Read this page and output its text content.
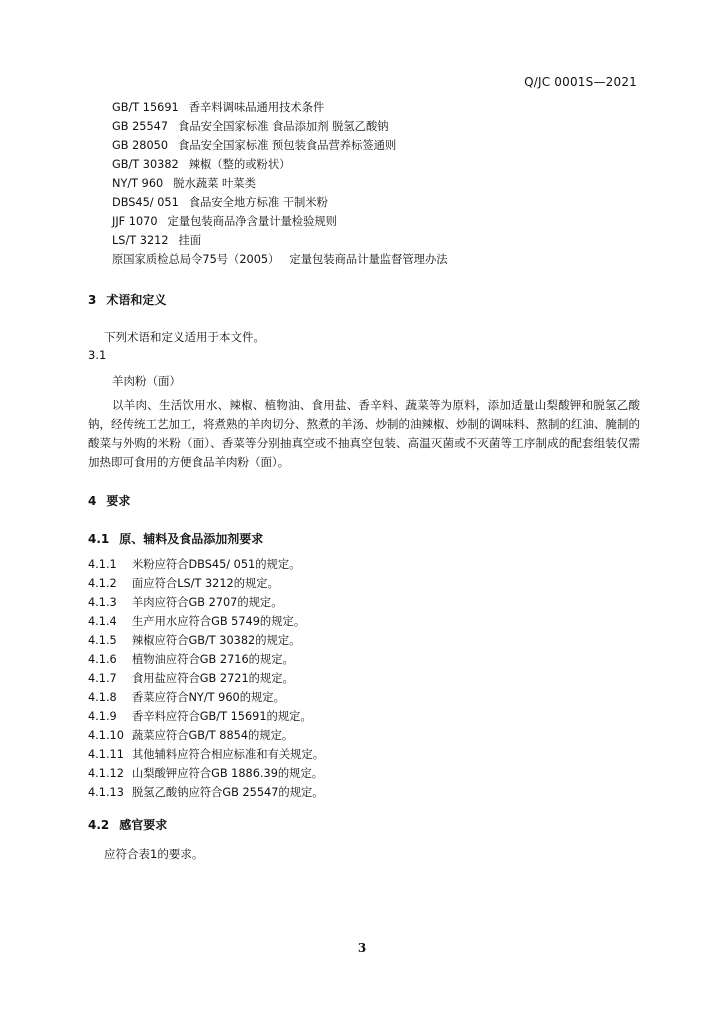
Q/JC 0001S—2021
GB/T 15691 香辛料调味品通用技术条件
GB 25547 食品安全国家标准 食品添加剂 脱氢乙酸钠
GB 28050 食品安全国家标准 预包装食品营养标签通则
GB/T 30382 辣椒（整的或粉状）
NY/T 960 脱水蔬菜 叶菜类
DBS45/ 051 食品安全地方标准 干制米粉
JJF 1070 定量包装商品净含量计量检验规则
LS/T 3212 挂面
原国家质检总局令75号（2005） 定量包装商品计量监督管理办法
3 术语和定义
下列术语和定义适用于本文件。
3.1
羊肉粉（面）
以羊肉、生活饮用水、辣椒、植物油、食用盐、香辛料、蔬菜等为原料，添加适量山梨酸钾和脱氢乙酸钠，经传统工艺加工，将煮熟的羊肉切分、熬煮的羊汤、炒制的油辣椒、炒制的调味料、熬制的红油、腌制的酸菜与外购的米粉（面）、香菜等分别抽真空或不抽真空包装、高温灭菌或不灭菌等工序制成的配套组装仅需加热即可食用的方便食品羊肉粉（面）。
4 要求
4.1 原、辅料及食品添加剂要求
4.1.1 米粉应符合DBS45/ 051的规定。
4.1.2 面应符合LS/T 3212的规定。
4.1.3 羊肉应符合GB 2707的规定。
4.1.4 生产用水应符合GB 5749的规定。
4.1.5 辣椒应符合GB/T 30382的规定。
4.1.6 植物油应符合GB 2716的规定。
4.1.7 食用盐应符合GB 2721的规定。
4.1.8 香菜应符合NY/T 960的规定。
4.1.9 香辛料应符合GB/T 15691的规定。
4.1.10 蔬菜应符合GB/T 8854的规定。
4.1.11 其他辅料应符合相应标准和有关规定。
4.1.12 山梨酸钾应符合GB 1886.39的规定。
4.1.13 脱氢乙酸钠应符合GB 25547的规定。
4.2 感官要求
应符合表1的要求。
3
